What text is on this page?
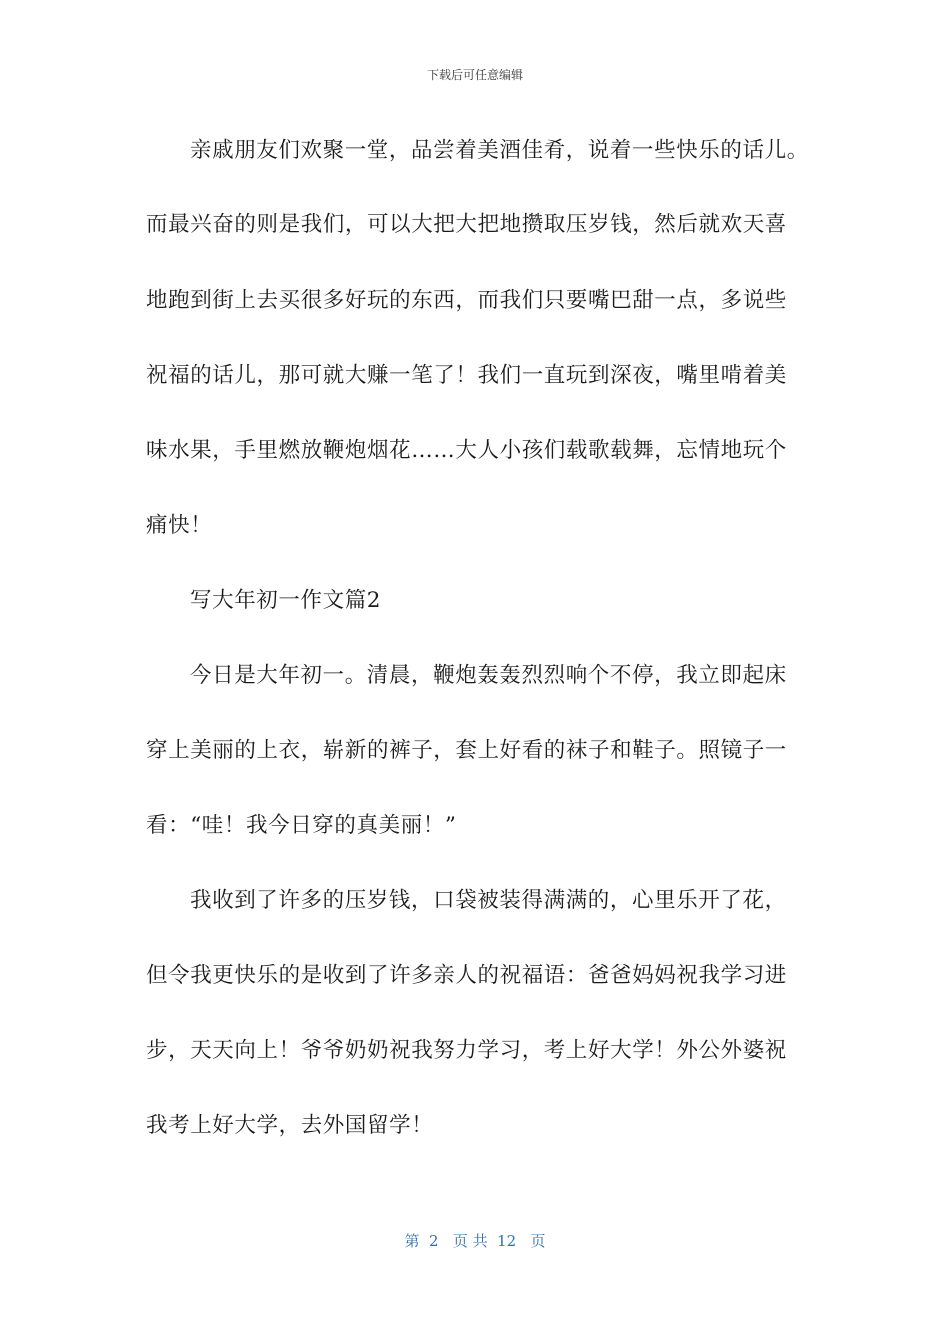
下载后可任意编辑
亲戚朋友们欢聚一堂，品尝着美酒佳肴，说着一些快乐的话儿。
而最兴奋的则是我们，可以大把大把地攒取压岁钱，然后就欢天喜
地跑到街上去买很多好玩的东西，而我们只要嘴巴甜一点，多说些
祝福的话儿，那可就大赚一笔了！我们一直玩到深夜，嘴里啃着美
味水果，手里燃放鞭炮烟花……大人小孩们载歌载舞，忘情地玩个
痛快！
写大年初一作文篇2
今日是大年初一。清晨，鞭炮轰轰烈烈响个不停，我立即起床
穿上美丽的上衣，崭新的裤子，套上好看的袜子和鞋子。照镜子一
看：“哇！我今日穿的真美丽！”
我收到了许多的压岁钱，口袋被装得满满的，心里乐开了花，
但令我更快乐的是收到了许多亲人的祝福语：爸爸妈妈祝我学习进
步，天天向上！爷爷奶奶祝我努力学习，考上好大学！外公外婆祝
我考上好大学，去外国留学！
第  2   页 共  12   页
